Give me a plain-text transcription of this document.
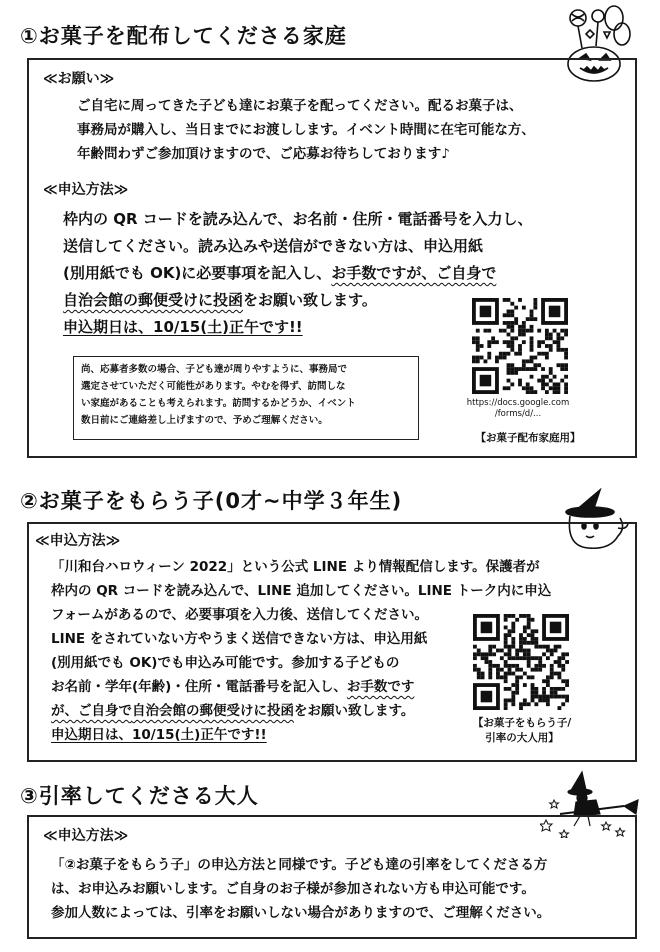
①お菓子を配布してくださる家庭
≪お願い≫
ご自宅に周ってきた子ども達にお菓子を配ってください。配るお菓子は、
事務局が購入し、当日までにお渡しします。イベント時間に在宅可能な方、
年齢問わずご参加頂けますので、ご応募お待ちしております♪
≪申込方法≫
枠内の QR コードを読み込んで、お名前・住所・電話番号を入力し、
送信してください。読み込みや送信ができない方は、申込用紙
(別用紙でも OK)に必要事項を記入し、お手数ですが、ご自身で
自治会館の郵便受けに投函をお願い致します。
申込期日は、10/15(土)正午です!!
尚、応募者多数の場合、子ども達が周りやすように、事務局で
選定させていただく可能性があります。やむを得ず、訪問しな
い家庭があることも考えられます。訪問するかどうか、イベント
数日前にご連絡差し上げますので、予めご理解ください。
https://docs.google.com
/forms/d/...
【お菓子配布家庭用】
②お菓子をもらう子(0才~中学３年生)
≪申込方法≫
「川和台ハロウィーン 2022」という公式 LINE より情報配信します。保護者が
枠内の QR コードを読み込んで、LINE 追加してください。LINE トーク内に申込
フォームがあるので、必要事項を入力後、送信してください。
LINE をされていない方やうまく送信できない方は、申込用紙
(別用紙でも OK)でも申込み可能です。参加する子どもの
お名前・学年(年齢)・住所・電話番号を記入し、お手数です
が、ご自身で自治会館の郵便受けに投函をお願い致します。
申込期日は、10/15(土)正午です!!
【お菓子をもらう子/
引率の大人用】
③引率してくださる大人
≪申込方法≫
「②お菓子をもらう子」の申込方法と同様です。子ども達の引率をしてくださる方
は、お申込みお願いします。ご自身のお子様が参加されない方も申込可能です。
参加人数によっては、引率をお願いしない場合がありますので、ご理解ください。
